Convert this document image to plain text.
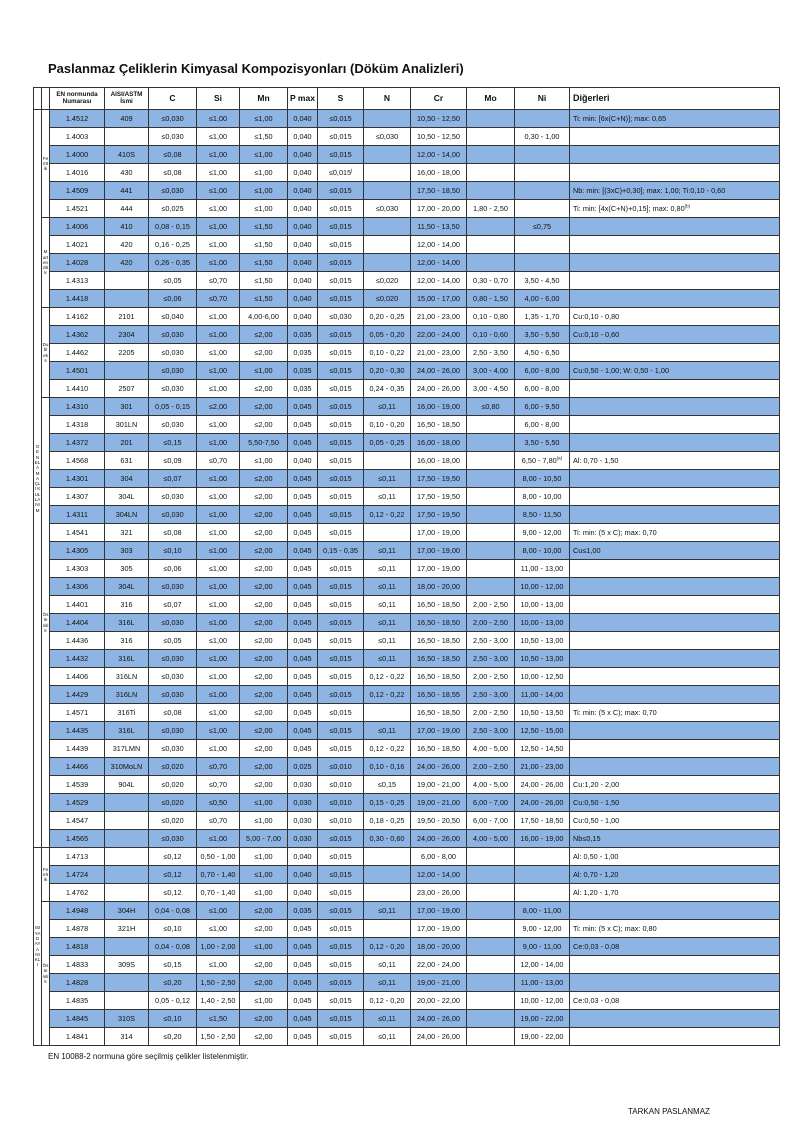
Paslanmaz Çeliklerin Kimyasal Kompozisyonları (Döküm Analizleri)
		EN normunda Numarası	AISI/ASTM İsmi	C	Si	Mn	P max	S	N	Cr	Mo	Ni	Diğerleri

GENEL AMAÇLI KULLANIM	Ferritik	1.4512	409	≤0,030	≤1,00	≤1,00	0,040	≤0,015		10,50 - 12,50			Ti: min: [6x(C+N)]; max: 0,65
		1.4003		≤0,030	≤1,00	≤1,50	0,040	≤0,015	≤0,030	10,50 - 12,50		0,30 - 1,00	
		1.4000	410S	≤0,08	≤1,00	≤1,00	0,040	≤0,015		12,00 - 14,00			
		1.4016	430	≤0,08	≤1,00	≤1,00	0,040	$\le 0,015^j$		16,00 - 18,00			
		1.4509	441	≤0,030	≤1,00	≤1,00	0,040	≤0,015		17,50 - 18,50			Nb: min: [(3xC)+0,30]; max: 1,00; Ti:0,10 - 0,60
		1.4521	444	≤0,025	≤1,00	≤1,00	0,040	≤0,015	≤0,030	17,00 - 20,00	1,80 - 2,50		Ti: min: [4x(C+N)+0,15]; max: 0,80$^{(b)}$

	Martenzitik	1.4006	410	0,08 - 0,15	≤1,00	≤1,50	0,040	≤0,015		11,50 - 13,50		≤0,75	
		1.4021	420	0,16 - 0,25	≤1,00	≤1,50	0,040	≤0,015		12,00 - 14,00			
		1.4028	420	0,26 - 0,35	≤1,00	≤1,50	0,040	≤0,015		12,00 - 14,00			
		1.4313		≤0,05	≤0,70	≤1,50	0,040	≤0,015	≤0,020	12,00 - 14,00	0,30 - 0,70	3,50 - 4,50	
		1.4418		≤0,06	≤0,70	≤1,50	0,040	≤0,015	≤0,020	15,00 - 17,00	0,80 - 1,50	4,00 - 6,00	

	Dubleks	1.4162	2101	≤0,040	≤1,00	4,00-6,00	0,040	≤0,030	0,20 - 0,25	21,00 - 23,00	0,10 - 0,80	1,35 - 1,70	Cu:0,10 - 0,80
		1.4362	2304	≤0,030	≤1,00	≤2,00	0,035	≤0,015	0,05 - 0,20	22,00 - 24,00	0,10 - 0,60	3,50 - 5,50	Cu:0,10 - 0,60
		1.4462	2205	≤0,030	≤1,00	≤2,00	0,035	≤0,015	0,10 - 0,22	21,00 - 23,00	2,50 - 3,50	4,50 - 6,50	
		1.4501		≤0,030	≤1,00	≤1,00	0,035	≤0,015	0,20 - 0,30	24,00 - 26,00	3,00 - 4,00	6,00 - 8,00	Cu:0,50 - 1,00; W: 0,50 - 1,00
		1.4410	2507	≤0,030	≤1,00	≤2,00	0,035	≤0,015	0,24 - 0,35	24,00 - 26,00	3,00 - 4,50	6,00 - 8,00	

	Östenitik	1.4310	301	0,05 - 0,15	≤2,00	≤2,00	0,045	≤0,015	≤0,11	16,00 - 19,00	≤0,80	6,00 - 9,50	
		1.4318	301LN	≤0,030	≤1,00	≤2,00	0,045	≤0,015	0,10 - 0,20	16,50 - 18,50		6,00 - 8,00	
		1.4372	201	≤0,15	≤1,00	5,50-7,50	0,045	≤0,015	0,05 - 0,25	16,00 - 18,00		3,50 - 5,50	
		1.4568	631	≤0,09	≤0,70	≤1,00	0,040	≤0,015		16,00 - 18,00		6,50 - 7,80$^{(a)}$	Al: 0,70 - 1,50
		1.4301	304	≤0,07	≤1,00	≤2,00	0,045	≤0,015	≤0,11	17,50 - 19,50		8,00 - 10,50	
		1.4307	304L	≤0,030	≤1,00	≤2,00	0,045	≤0,015	≤0,11	17,50 - 19,50		8,00 - 10,00	
		1.4311	304LN	≤0,030	≤1,00	≤2,00	0,045	≤0,015	0,12 - 0,22	17,50 - 19,50		8,50 - 11,50	
		1.4541	321	≤0,08	≤1,00	≤2,00	0,045	≤0,015		17,00 - 19,00		9,00 - 12,00	Ti: min: (5 x C); max: 0,70
		1.4305	303	≤0,10	≤1,00	≤2,00	0,045	0,15 - 0,35	≤0,11	17,00 - 19,00		8,00 - 10,00	Cu≤1,00
		1.4303	305	≤0,06	≤1,00	≤2,00	0,045	≤0,015	≤0,11	17,00 - 19,00		11,00 - 13,00	
		1.4306	304L	≤0,030	≤1,00	≤2,00	0,045	≤0,015	≤0,11	18,00 - 20,00		10,00 - 12,00	
		1.4401	316	≤0,07	≤1,00	≤2,00	0,045	≤0,015	≤0,11	16,50 - 18,50	2,00 - 2,50	10,00 - 13,00	
		1.4404	316L	≤0,030	≤1,00	≤2,00	0,045	≤0,015	≤0,11	16,50 - 18,50	2,00 - 2,50	10,00 - 13,00	
		1.4436	316	≤0,05	≤1,00	≤2,00	0,045	≤0,015	≤0,11	16,50 - 18,50	2,50 - 3,00	10,50 - 13,00	
		1.4432	316L	≤0,030	≤1,00	≤2,00	0,045	≤0,015	≤0,11	16,50 - 18,50	2,50 - 3,00	10,50 - 13,00	
		1.4406	316LN	≤0,030	≤1,00	≤2,00	0,045	≤0,015	0,12 - 0,22	16,50 - 18,50	2,00 - 2,50	10,00 - 12,50	
		1.4429	316LN	≤0,030	≤1,00	≤2,00	0,045	≤0,015	0,12 - 0,22	16,50 - 18,55	2,50 - 3,00	11,00 - 14,00	
		1.4571	316Ti	≤0,08	≤1,00	≤2,00	0,045	≤0,015		16,50 - 18,50	2,00 - 2,50	10,50 - 13,50	Ti: min: (5 x C); max: 0,70
		1.4435	316L	≤0,030	≤1,00	≤2,00	0,045	≤0,015	≤0,11	17,00 - 19,00	2,50 - 3,00	12,50 - 15,00	
		1.4439	317LMN	≤0,030	≤1,00	≤2,00	0,045	≤0,015	0,12 - 0,22	16,50 - 18,50	4,00 - 5,00	12,50 - 14,50	
		1.4466	310MoLN	≤0,020	≤0,70	≤2,00	0,025	≤0,010	0,10 - 0,16	24,00 - 26,00	2,00 - 2,50	21,00 - 23,00	
		1.4539	904L	≤0,020	≤0,70	≤2,00	0,030	≤0,010	≤0,15	19,00 - 21,00	4,00 - 5,00	24,00 - 26,00	Cu:1,20 - 2,00
		1.4529		≤0,020	≤0,50	≤1,00	0,030	≤0,010	0,15 - 0,25	19,00 - 21,00	6,00 - 7,00	24,00 - 26,00	Cu:0,50 - 1,50
		1.4547		≤0,020	≤0,70	≤1,00	0,030	≤0,010	0,18 - 0,25	19,50 - 20,50	6,00 - 7,00	17,50 - 18,50	Cu:0,50 - 1,00
		1.4565		≤0,030	≤1,00	5,00 - 7,00	0,030	≤0,015	0,30 - 0,60	24,00 - 26,00	4,00 - 5,00	16,00 - 19,00	Nb≤0,15

ISI YA DAYANIKLI	Ferritik	1.4713		≤0,12	0,50 - 1,00	≤1,00	0,040	≤0,015		6,00 - 8,00			Al: 0,50 - 1,00
		1.4724		≤0,12	0,70 - 1,40	≤1,00	0,040	≤0,015		12,00 - 14,00			Al: 0,70 - 1,20
		1.4762		≤0,12	0,70 - 1,40	≤1,00	0,040	≤0,015		23,00 - 26,00			Al: 1,20 - 1,70

	Östenitik	1.4948	304H	0,04 - 0,08	≤1,00	≤2,00	0,035	≤0,015	≤0,11	17,00 - 19,00		8,00 - 11,00	
		1.4878	321H	≤0,10	≤1,00	≤2,00	0,045	≤0,015		17,00 - 19,00		9,00 - 12,00	Ti: min: (5 x C); max: 0,80
		1.4818		0,04 - 0,08	1,00 - 2,00	≤1,00	0,045	≤0,015	0,12 - 0,20	18,00 - 20,00		9,00 - 11,00	Ce:0,03 - 0,08
		1.4833	309S	≤0,15	≤1,00	≤2,00	0,045	≤0,015	≤0,11	22,00 - 24,00		12,00 - 14,00	
		1.4828		≤0,20	1,50 - 2,50	≤2,00	0,045	≤0,015	≤0,11	19,00 - 21,00		11,00 - 13,00	
		1.4835		0,05 - 0,12	1,40 - 2,50	≤1,00	0,045	≤0,015	0,12 - 0,20	20,00 - 22,00		10,00 - 12,00	Ce:0,03 - 0,08
		1.4845	310S	≤0,10	≤1,50	≤2,00	0,045	≤0,015	≤0,11	24,00 - 26,00		19,00 - 22,00	
		1.4841	314	≤0,20	1,50 - 2,50	≤2,00	0,045	≤0,015	≤0,11	24,00 - 26,00		19,00 - 22,00	

EN 10088-2 normuna göre seçilmiş çelikler listelenmiştir.

TARKAN PASLANMAZ
